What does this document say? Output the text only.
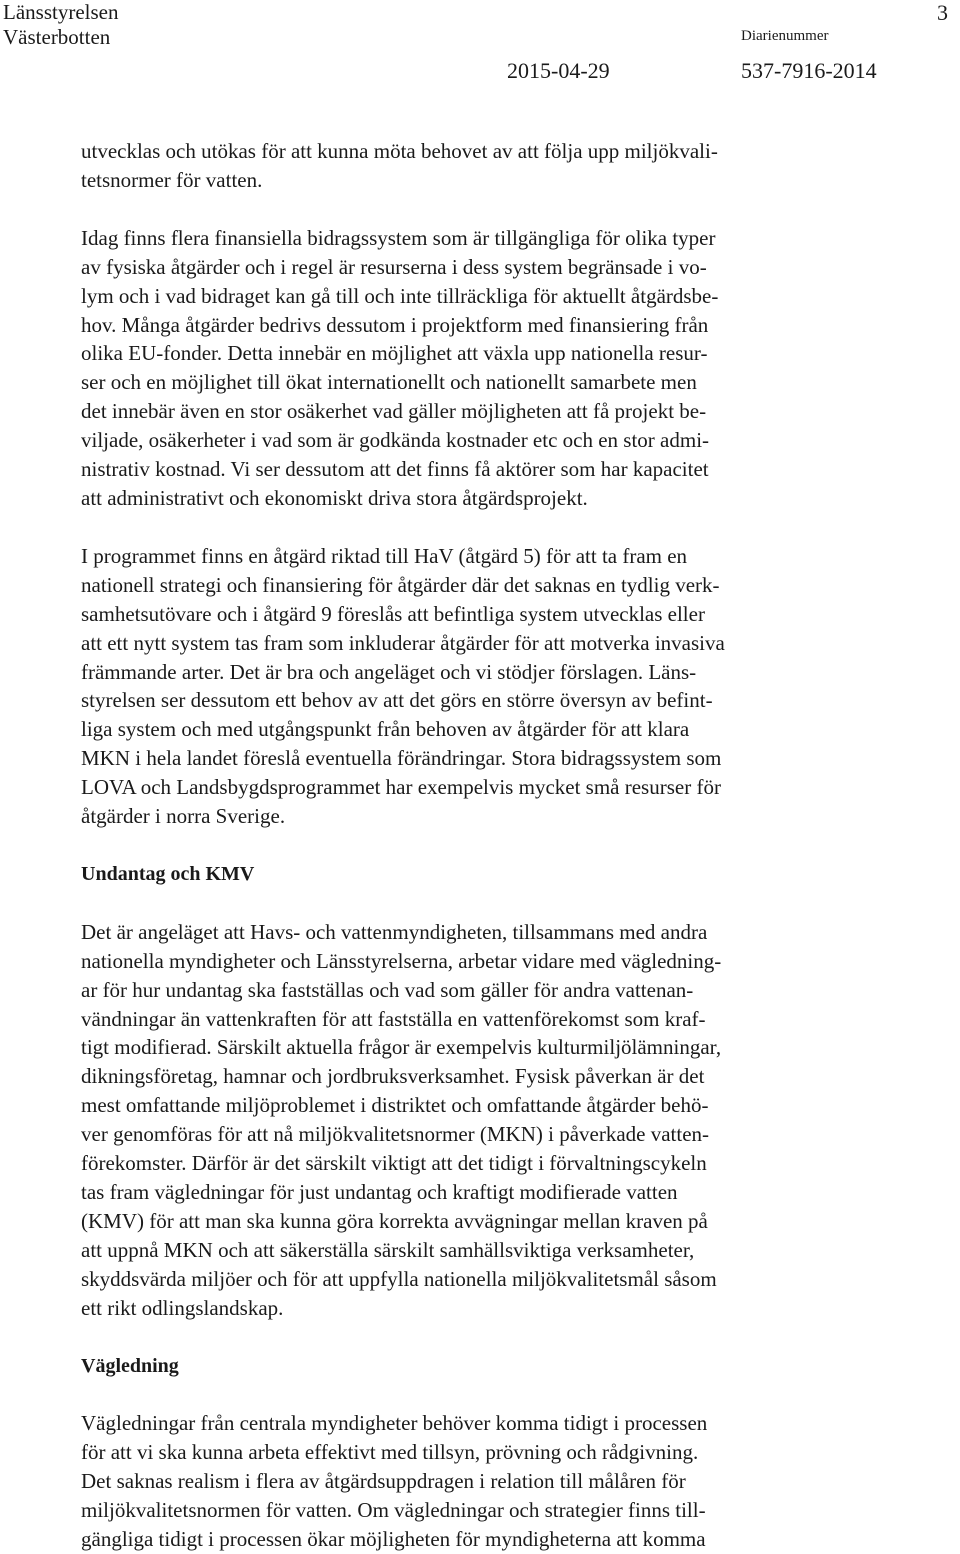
Länsstyrelsen
Västerbotten
3
Diarienummer
2015-04-29	537-7916-2014

utvecklas och utökas för att kunna möta behovet av att följa upp miljökvali-
tetsnormer för vatten.

Idag finns flera finansiella bidragssystem som är tillgängliga för olika typer
av fysiska åtgärder och i regel är resurserna i dess system begränsade i vo-
lym och i vad bidraget kan gå till och inte tillräckliga för aktuellt åtgärdsbe-
hov. Många åtgärder bedrivs dessutom i projektform med finansiering från
olika EU-fonder. Detta innebär en möjlighet att växla upp nationella resur-
ser och en möjlighet till ökat internationellt och nationellt samarbete men
det innebär även en stor osäkerhet vad gäller möjligheten att få projekt be-
viljade, osäkerheter i vad som är godkända kostnader etc och en stor admi-
nistrativ kostnad. Vi ser dessutom att det finns få aktörer som har kapacitet
att administrativt och ekonomiskt driva stora åtgärdsprojekt.

I programmet finns en åtgärd riktad till HaV (åtgärd 5) för att ta fram en
nationell strategi och finansiering för åtgärder där det saknas en tydlig verk-
samhetsutövare och i åtgärd 9 föreslås att befintliga system utvecklas eller
att ett nytt system tas fram som inkluderar åtgärder för att motverka invasiva
främmande arter. Det är bra och angeläget och vi stödjer förslagen. Läns-
styrelsen ser dessutom ett behov av att det görs en större översyn av befint-
liga system och med utgångspunkt från behoven av åtgärder för att klara
MKN i hela landet föreslå eventuella förändringar. Stora bidragssystem som
LOVA och Landsbygdsprogrammet har exempelvis mycket små resurser för
åtgärder i norra Sverige.

Undantag och KMV

Det är angeläget att Havs- och vattenmyndigheten, tillsammans med andra
nationella myndigheter och Länsstyrelserna, arbetar vidare med vägledning-
ar för hur undantag ska fastställas och vad som gäller för andra vattenan-
vändningar än vattenkraften för att fastställa en vattenförekomst som kraf-
tigt modifierad. Särskilt aktuella frågor är exempelvis kulturmiljölämningar,
dikningsföretag, hamnar och jordbruksverksamhet. Fysisk påverkan är det
mest omfattande miljöproblemet i distriktet och omfattande åtgärder behö-
ver genomföras för att nå miljökvalitetsnormer (MKN) i påverkade vatten-
förekomster. Därför är det särskilt viktigt att det tidigt i förvaltningscykeln
tas fram vägledningar för just undantag och kraftigt modifierade vatten
(KMV) för att man ska kunna göra korrekta avvägningar mellan kraven på
att uppnå MKN och att säkerställa särskilt samhällsviktiga verksamheter,
skyddsvärda miljöer och för att uppfylla nationella miljökvalitetsmål såsom
ett rikt odlingslandskap.

Vägledning

Vägledningar från centrala myndigheter behöver komma tidigt i processen
för att vi ska kunna arbeta effektivt med tillsyn, prövning och rådgivning.
Det saknas realism i flera av åtgärdsuppdragen i relation till målåren för
miljökvalitetsnormen för vatten. Om vägledningar och strategier finns till-
gängliga tidigt i processen ökar möjligheten för myndigheterna att komma
